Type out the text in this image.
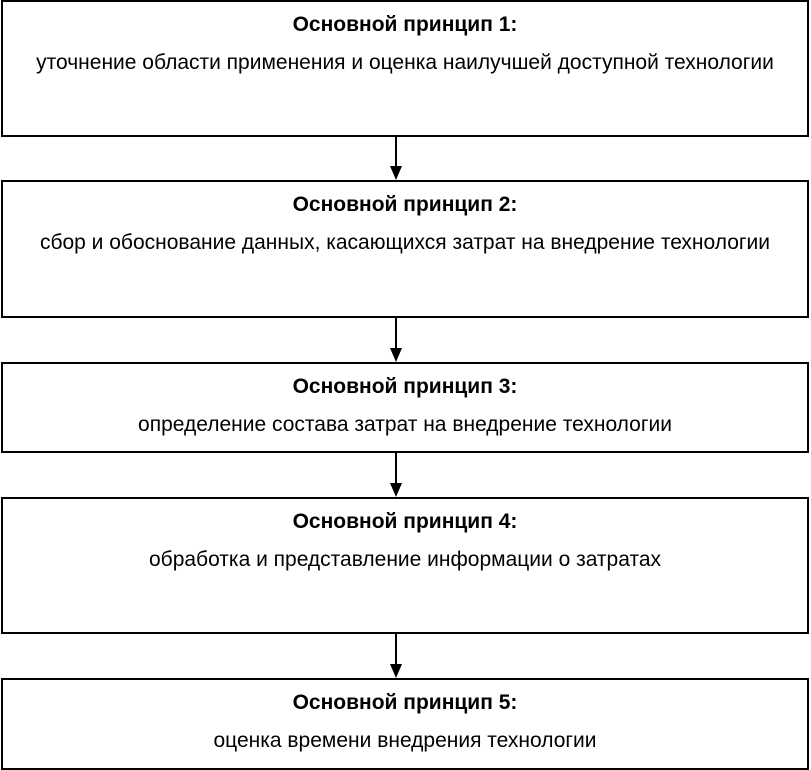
Основной принцип 1:
уточнение области применения и оценка наилучшей доступной технологии
Основной принцип 2:
сбор и обоснование данных, касающихся затрат на внедрение технологии
Основной принцип 3:
определение состава затрат на внедрение технологии
Основной принцип 4:
обработка и представление информации о затратах
Основной принцип 5:
оценка времени внедрения технологии
